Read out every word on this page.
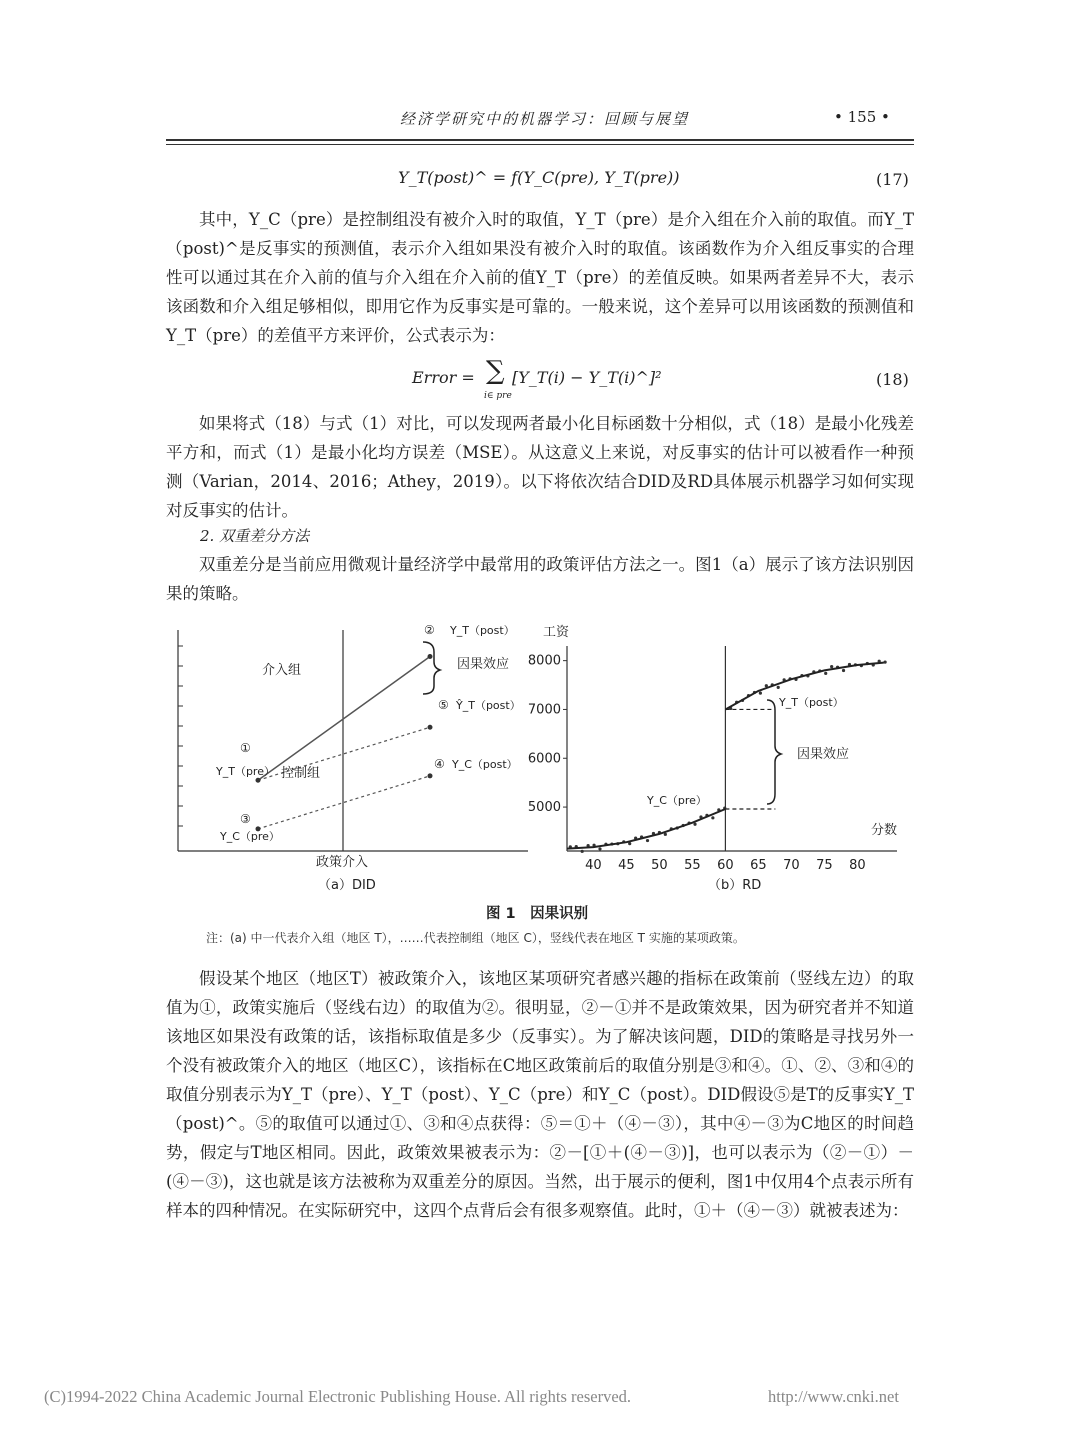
经济学研究中的机器学习：回顾与展望	• 155 •
Y_T(post)^ = f(Y_C(pre), Y_T(pre))	(17)

其中，Y_C（pre）是控制组没有被介入时的取值，Y_T（pre）是介入组在介入前的取值。而Y_T（post)^是反事实的预测值，表示介入组如果没有被介入时的取值。该函数作为介入组反事实的合理性可以通过其在介入前的值与介入组在介入前的值Y_T（pre）的差值反映。如果两者差异不大，表示该函数和介入组足够相似，即用它作为反事实是可靠的。一般来说，这个差异可以用该函数的预测值和Y_T（pre）的差值平方来评价，公式表示为：

Error = ∑
i∈ pre
[Y_T(i) − Y_T(i)^]²	(18)

如果将式（18）与式（1）对比，可以发现两者最小化目标函数十分相似，式（18）是最小化残差平方和，而式（1）是最小化均方误差（MSE）。从这意义上来说，对反事实的估计可以被看作一种预测（Varian，2014、2016；Athey，2019）。以下将依次结合DID及RD具体展示机器学习如何实现对反事实的估计。

2. 双重差分方法

双重差分是当前应用微观计量经济学中最常用的政策评估方法之一。图1（a）展示了该方法识别因果的策略。

介入组
控制组
因果效应
② Y_T（post）
⑤ Ŷ_T（post）
④ Y_C（post）
①
Y_T（pre）
③
Y_C（pre）
政策介入
（a）DID
工资
5000
6000
7000
8000
40 45 50 55 60 65 70 75 80
因果效应
Y_T（post）
Y_C（pre）
分数
（b）RD
图 1　因果识别
注：(a) 中一代表介入组（地区 T），……代表控制组（地区 C），竖线代表在地区 T 实施的某项政策。

假设某个地区（地区T）被政策介入，该地区某项研究者感兴趣的指标在政策前（竖线左边）的取值为①，政策实施后（竖线右边）的取值为②。很明显，②－①并不是政策效果，因为研究者并不知道该地区如果没有政策的话，该指标取值是多少（反事实）。为了解决该问题，DID的策略是寻找另外一个没有被政策介入的地区（地区C），该指标在C地区政策前后的取值分别是③和④。①、②、③和④的取值分别表示为Y_T（pre）、Y_T（post）、Y_C（pre）和Y_C（post）。DID假设⑤是T的反事实Y_T（post)^。⑤的取值可以通过①、③和④点获得：⑤＝①＋（④－③），其中④－③为C地区的时间趋势，假定与T地区相同。因此，政策效果被表示为：②－[①＋(④－③)]，也可以表示为（②－①）－(④－③)，这也就是该方法被称为双重差分的原因。当然，出于展示的便利，图1中仅用4个点表示所有样本的四种情况。在实际研究中，这四个点背后会有很多观察值。此时，①＋（④－③）就被表述为：

(C)1994-2022 China Academic Journal Electronic Publishing House. All rights reserved.	http://www.cnki.net
